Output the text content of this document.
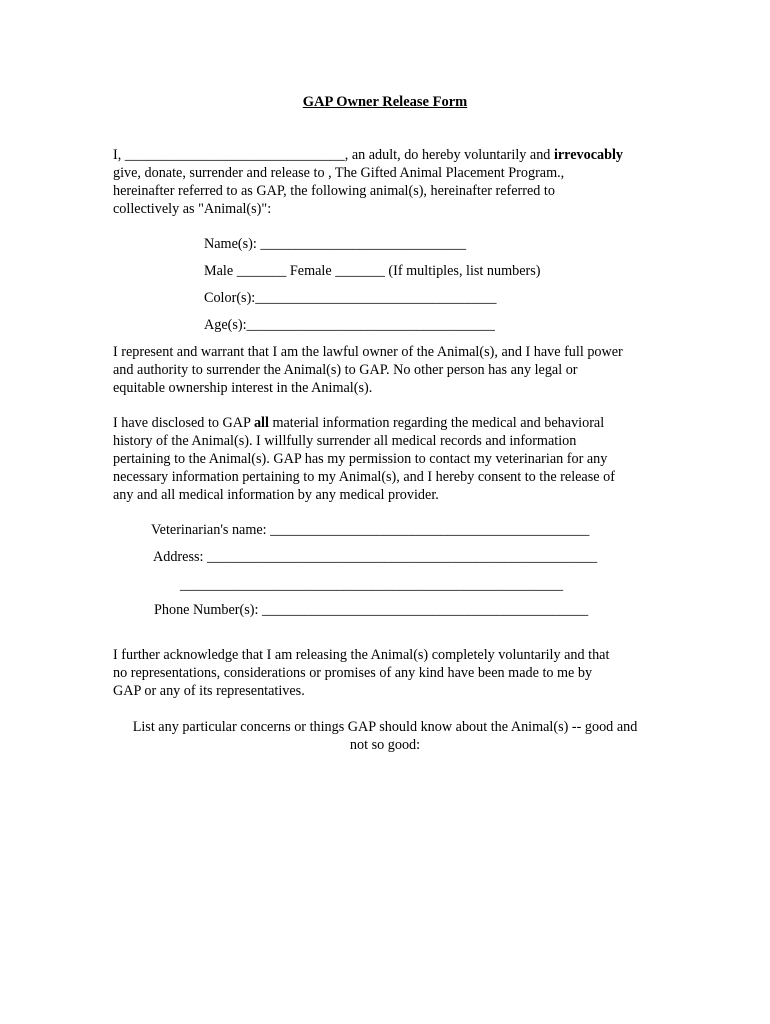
GAP Owner Release Form
I, _______________________________, an adult, do hereby voluntarily and irrevocably
give, donate, surrender and release to , The Gifted Animal Placement Program.,
hereinafter referred to as GAP, the following animal(s), hereinafter referred to
collectively as "Animal(s)":
Name(s): _____________________________
Male _______ Female _______ (If multiples, list numbers)
Color(s):__________________________________
Age(s):___________________________________
I represent and warrant that I am the lawful owner of the Animal(s), and I have full power
and authority to surrender the Animal(s) to GAP. No other person has any legal or
equitable ownership interest in the Animal(s).
I have disclosed to GAP all material information regarding the medical and behavioral
history of the Animal(s). I willfully surrender all medical records and information
pertaining to the Animal(s). GAP has my permission to contact my veterinarian for any
necessary information pertaining to my Animal(s), and I hereby consent to the release of
any and all medical information by any medical provider.
Veterinarian's name: _____________________________________________
Address: _______________________________________________________
______________________________________________________
Phone Number(s): ______________________________________________
I further acknowledge that I am releasing the Animal(s) completely voluntarily and that
no representations, considerations or promises of any kind have been made to me by
GAP or any of its representatives.
List any particular concerns or things GAP should know about the Animal(s) -- good and
not so good:
